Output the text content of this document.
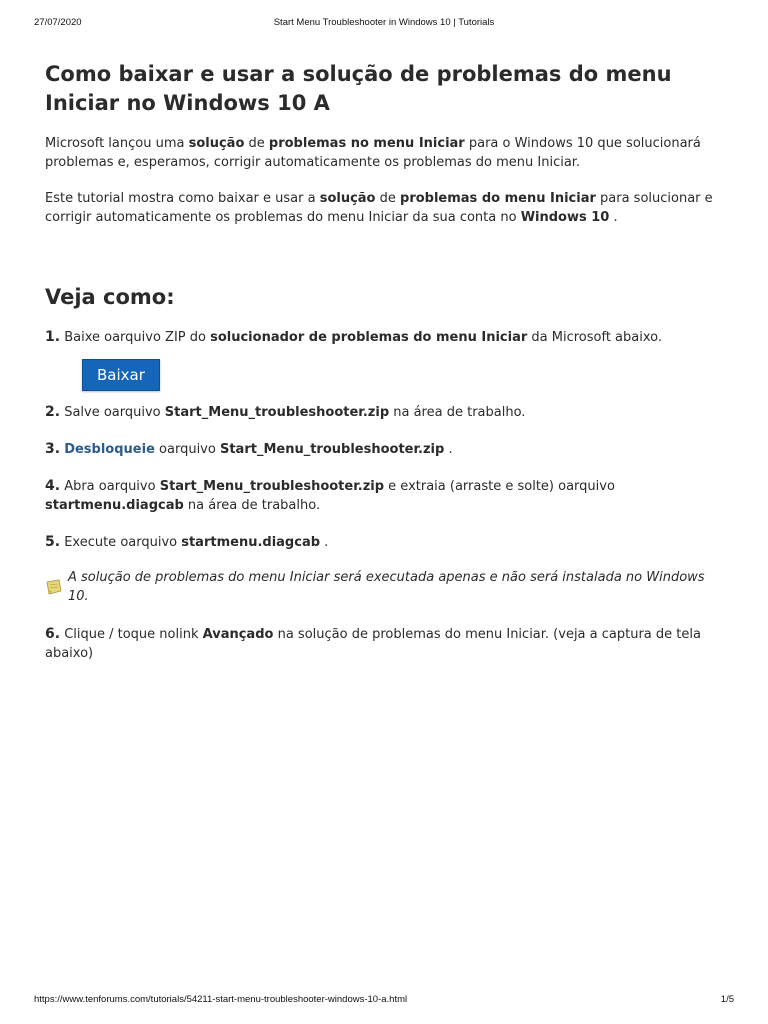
27/07/2020	Start Menu Troubleshooter in Windows 10 | Tutorials
Como baixar e usar a solução de problemas do menu Iniciar no Windows 10 A

Microsoft lançou uma solução de problemas no menu Iniciar para o Windows 10 que solucionará problemas e, esperamos, corrigir automaticamente os problemas do menu Iniciar.

Este tutorial mostra como baixar e usar a solução de problemas do menu Iniciar para solucionar e corrigir automaticamente os problemas do menu Iniciar da sua conta no Windows 10 .

Veja como:

1. Baixe oarquivo ZIP do solucionador de problemas do menu Iniciar da Microsoft abaixo.

Baixar

2. Salve oarquivo Start_Menu_troubleshooter.zip na área de trabalho.

3. Desbloqueie oarquivo Start_Menu_troubleshooter.zip .

4. Abra oarquivo Start_Menu_troubleshooter.zip e extraia (arraste e solte) oarquivo startmenu.diagcab na área de trabalho.

5. Execute oarquivo startmenu.diagcab .

A solução de problemas do menu Iniciar será executada apenas e não será instalada no Windows 10.

6. Clique / toque nolink Avançado na solução de problemas do menu Iniciar. (veja a captura de tela abaixo)

https://www.tenforums.com/tutorials/54211-start-menu-troubleshooter-windows-10-a.html	1/5
